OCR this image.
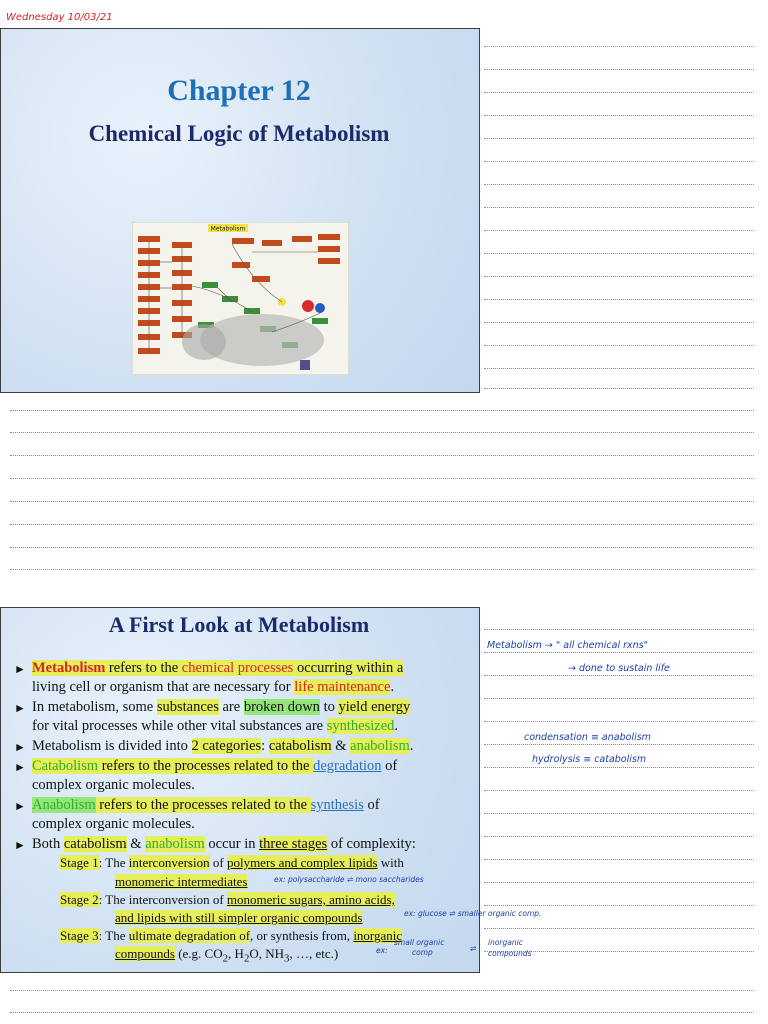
Wednesday 10/03/21
Chapter 12
Chemical Logic of Metabolism
Metabolism
A First Look at Metabolism
► Metabolism refers to the chemical processes occurring within a
living cell or organism that are necessary for life maintenance.
► In metabolism, some substances are broken down to yield energy
for vital processes while other vital substances are synthesized.
► Metabolism is divided into 2 categories: catabolism & anabolism.
► Catabolism refers to the processes related to the degradation of
complex organic molecules.
► Anabolism refers to the processes related to the synthesis of
complex organic molecules.
► Both catabolism & anabolism occur in three stages of complexity:
Stage 1: The interconversion of polymers and complex lipids with
monomeric intermediates
Stage 2: The interconversion of monomeric sugars, amino acids,
and lipids with still simpler organic compounds
Stage 3: The ultimate degradation of, or synthesis from, inorganic
compounds (e.g. $CO_2$, $H_2O$, $NH_3$, …, etc.)
Metabolism → " all chemical rxns"
→ done to sustain life
condensation ≡ anabolism
hydrolysis ≡ catabolism
ex: polysaccharide ⇌ mono saccharides
ex: glucose ⇌ smaller organic comp.
ex:
small organic
comp	⇌
inorganic
compounds
